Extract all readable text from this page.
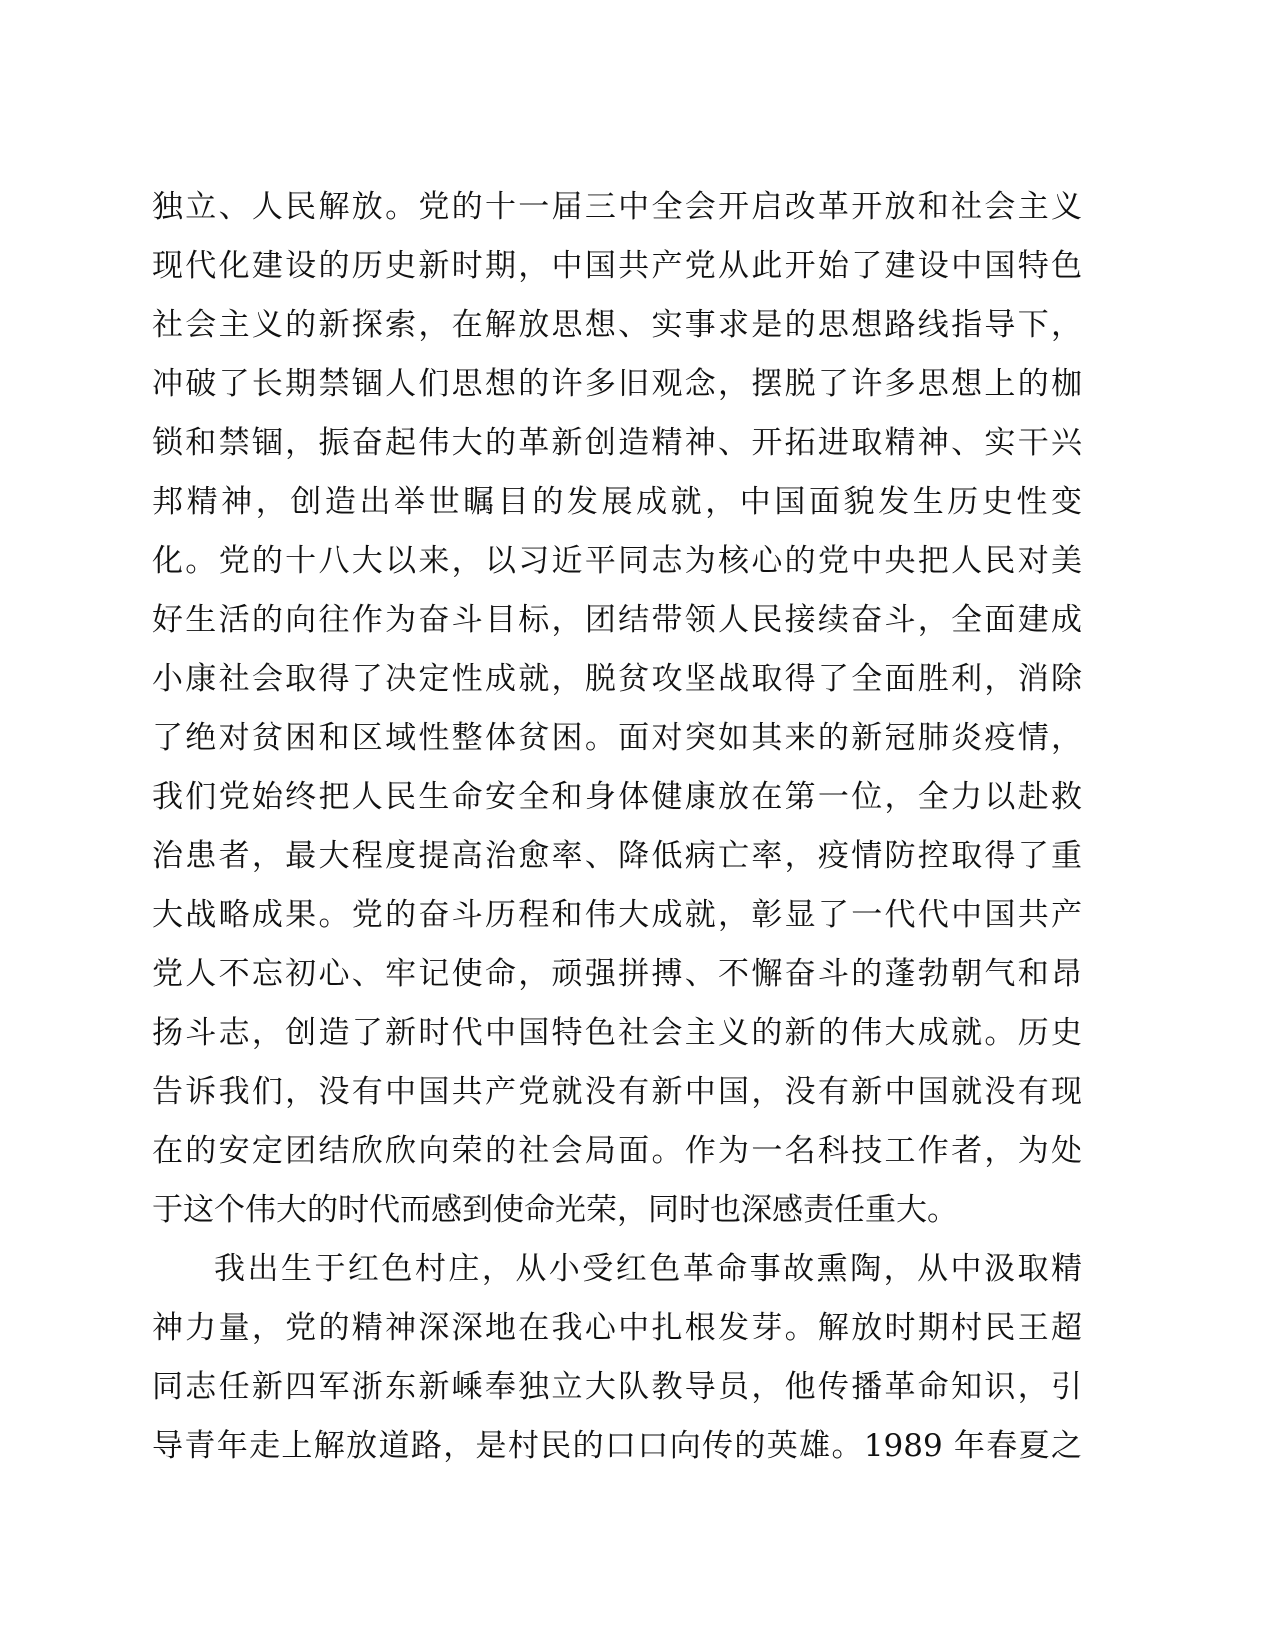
独立、人民解放。党的十一届三中全会开启改革开放和社会主义
现代化建设的历史新时期，中国共产党从此开始了建设中国特色
社会主义的新探索，在解放思想、实事求是的思想路线指导下，
冲破了长期禁锢人们思想的许多旧观念，摆脱了许多思想上的枷
锁和禁锢，振奋起伟大的革新创造精神、开拓进取精神、实干兴
邦精神，创造出举世瞩目的发展成就，中国面貌发生历史性变
化。党的十八大以来，以习近平同志为核心的党中央把人民对美
好生活的向往作为奋斗目标，团结带领人民接续奋斗，全面建成
小康社会取得了决定性成就，脱贫攻坚战取得了全面胜利，消除
了绝对贫困和区域性整体贫困。面对突如其来的新冠肺炎疫情，
我们党始终把人民生命安全和身体健康放在第一位，全力以赴救
治患者，最大程度提高治愈率、降低病亡率，疫情防控取得了重
大战略成果。党的奋斗历程和伟大成就，彰显了一代代中国共产
党人不忘初心、牢记使命，顽强拼搏、不懈奋斗的蓬勃朝气和昂
扬斗志，创造了新时代中国特色社会主义的新的伟大成就。历史
告诉我们，没有中国共产党就没有新中国，没有新中国就没有现
在的安定团结欣欣向荣的社会局面。作为一名科技工作者，为处
于这个伟大的时代而感到使命光荣，同时也深感责任重大。
我出生于红色村庄，从小受红色革命事故熏陶，从中汲取精
神力量，党的精神深深地在我心中扎根发芽。解放时期村民王超
同志任新四军浙东新嵊奉独立大队教导员，他传播革命知识，引
导青年走上解放道路，是村民的口口向传的英雄。1989 年春夏之
